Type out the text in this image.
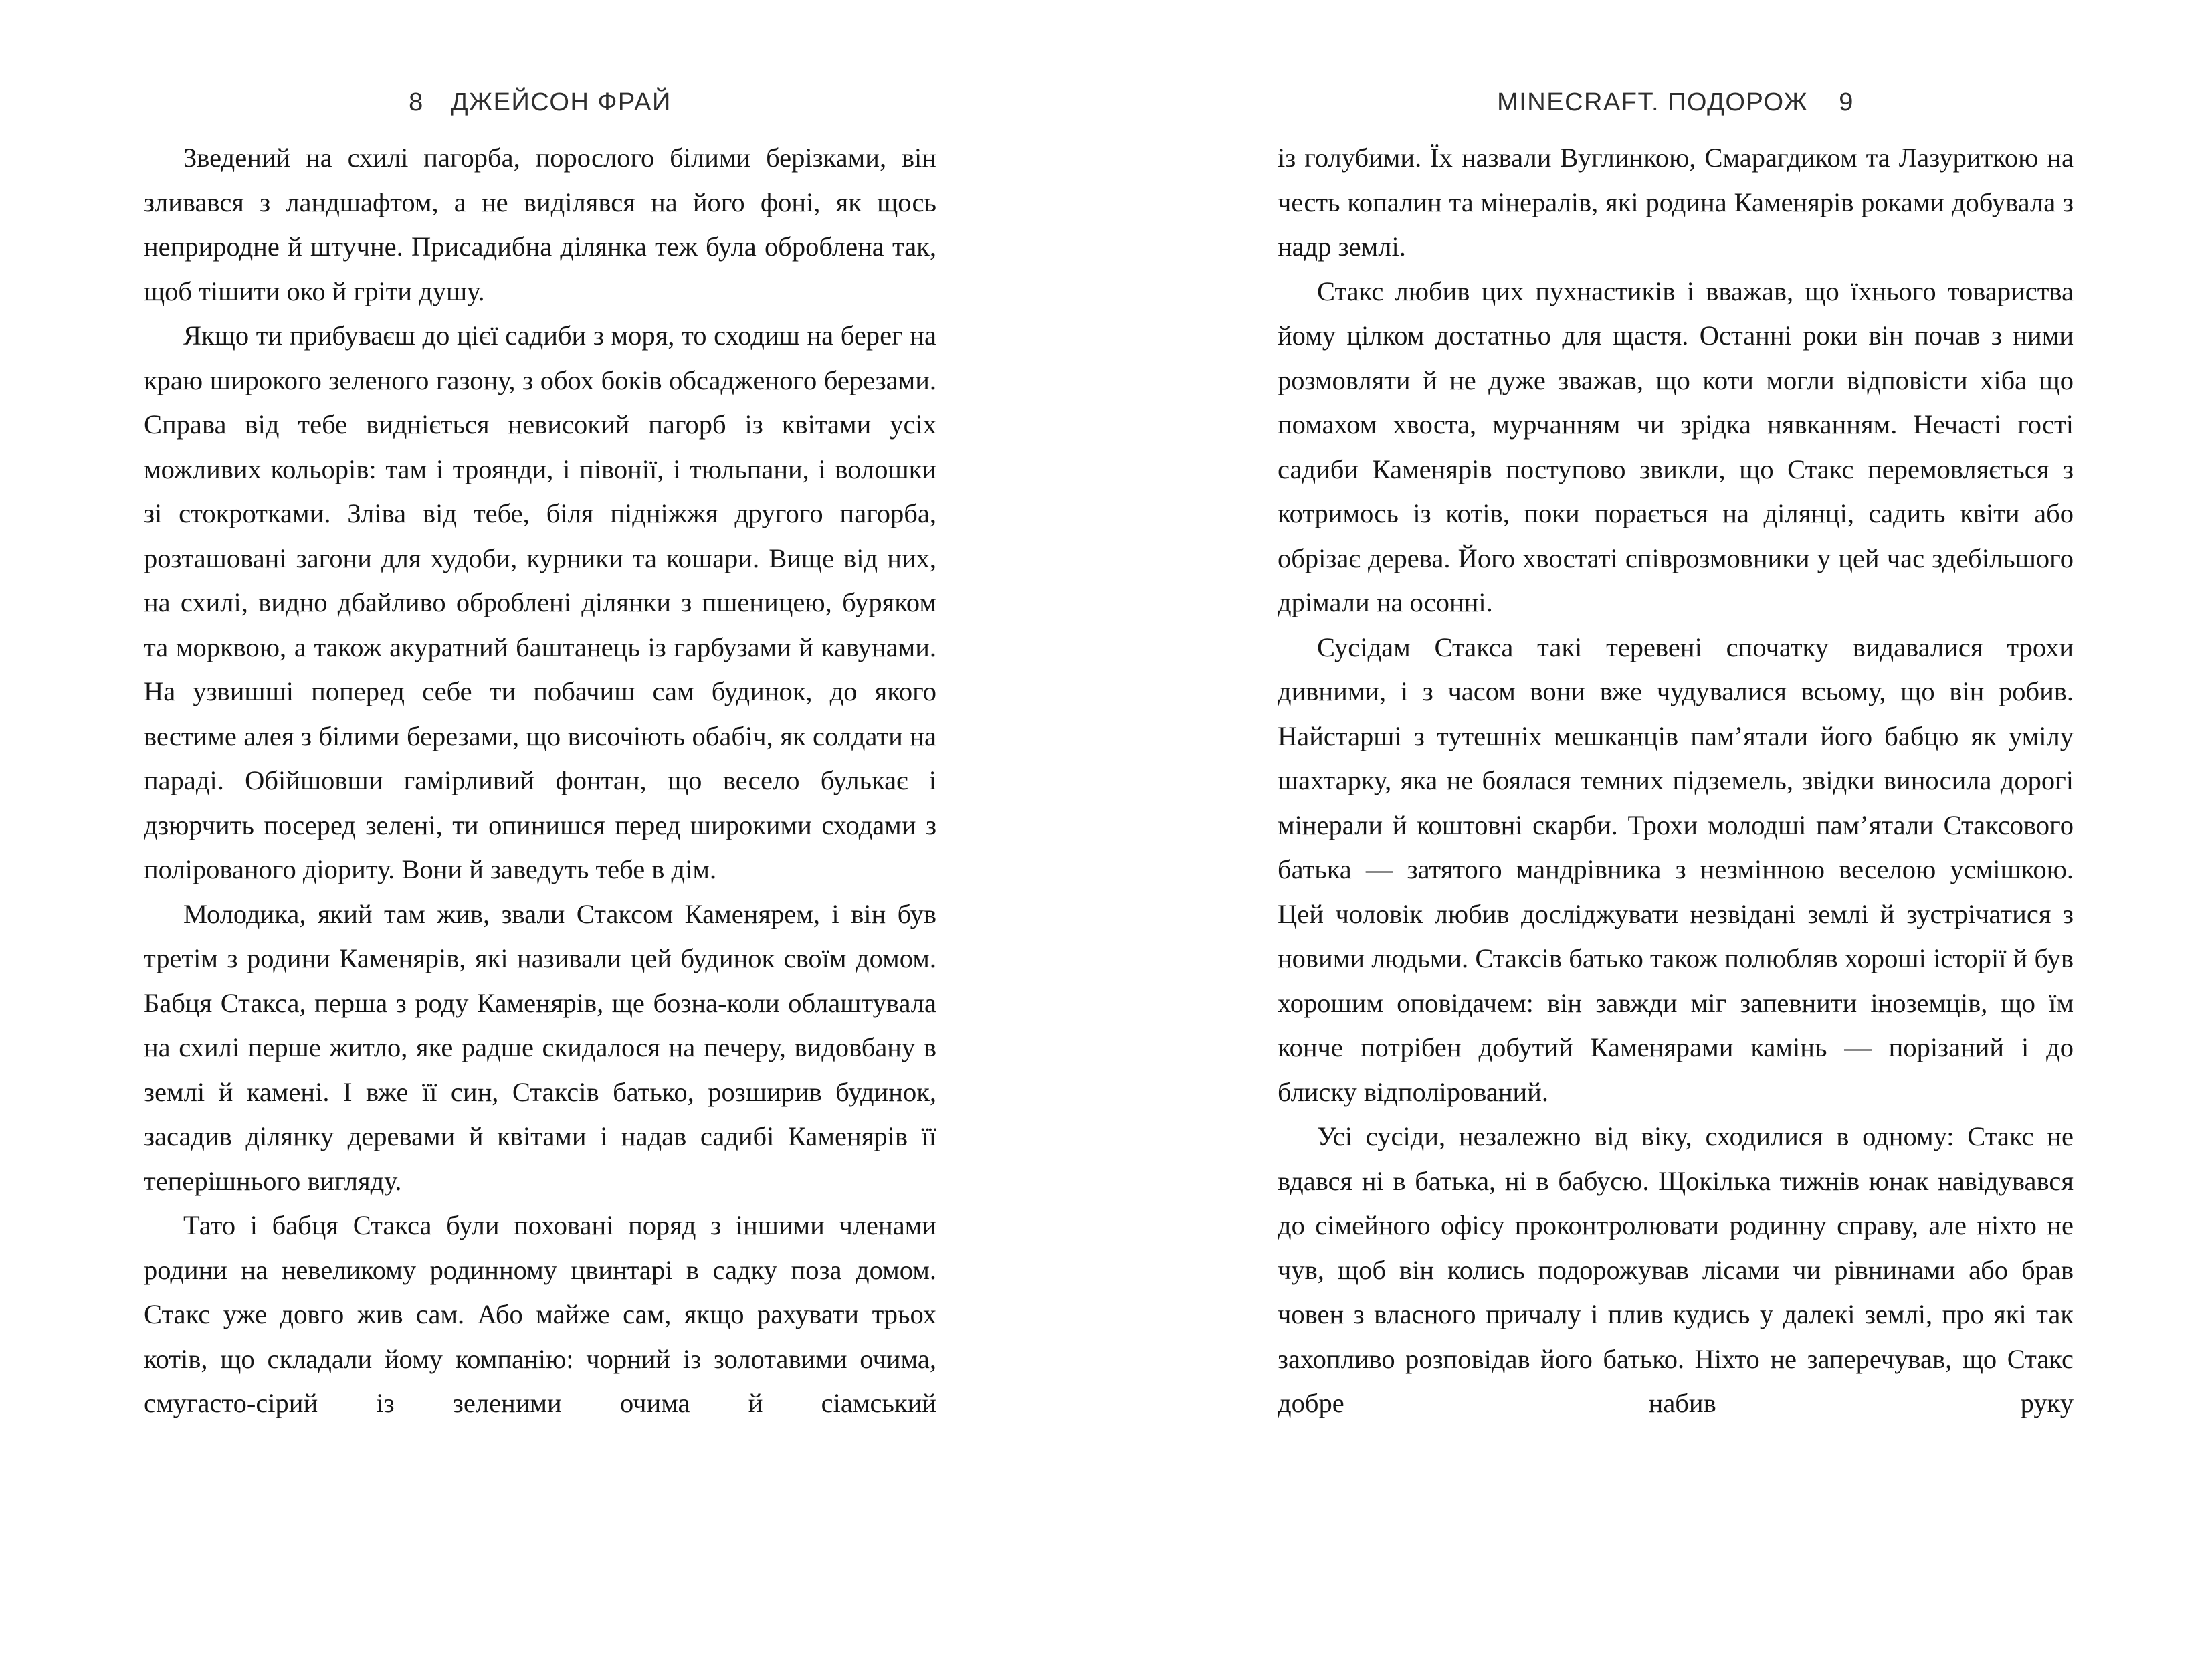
8 ДЖЕЙСОН ФРАЙ

Зведений на схилі пагорба, порослого білими берізками, він зливався з ландшафтом, а не виділявся на його фоні, як щось неприродне й штучне. Присадибна ділянка теж була оброблена так, щоб тішити око й гріти душу.

Якщо ти прибуваєш до цієї садиби з моря, то сходиш на берег на краю широкого зеленого газону, з обох боків обсадженого березами. Справа від тебе видніється невисокий пагорб із квітами усіх можливих кольорів: там і троянди, і півонії, і тюльпани, і волошки зі стокротками. Зліва від тебе, біля підніжжя другого пагорба, розташовані загони для худоби, курники та кошари. Вище від них, на схилі, видно дбайливо оброблені ділянки з пшеницею, буряком та морквою, а також акуратний баштанець із гарбузами й кавунами. На узвишші поперед себе ти побачиш сам будинок, до якого вестиме алея з білими березами, що височіють обабіч, як солдати на параді. Обійшовши гамірливий фонтан, що весело булькає і дзюрчить посеред зелені, ти опинишся перед широкими сходами з полірованого діориту. Вони й заведуть тебе в дім.

Молодика, який там жив, звали Стаксом Каменярем, і він був третім з родини Каменярів, які називали цей будинок своїм домом. Бабця Стакса, перша з роду Каменярів, ще бозна-коли облаштувала на схилі перше житло, яке радше скидалося на печеру, видовбану в землі й камені. І вже її син, Стаксів батько, розширив будинок, засадив ділянку деревами й квітами і надав садибі Каменярів її теперішнього вигляду.

Тато і бабця Стакса були поховані поряд з іншими членами родини на невеликому родинному цвинтарі в садку поза домом. Стакс уже довго жив сам. Або майже сам, якщо рахувати трьох котів, що складали йому компанію: чорний із золотавими очима, смугасто-сірий із зеленими очима й сіамський

MINECRAFT. ПОДОРОЖ 9

із голубими. Їх назвали Вуглинкою, Смарагдиком та Лазуриткою на честь копалин та мінералів, які родина Каменярів роками добувала з надр землі.

Стакс любив цих пухнастиків і вважав, що їхнього товариства йому цілком достатньо для щастя. Останні роки він почав з ними розмовляти й не дуже зважав, що коти могли відповісти хіба що помахом хвоста, мурчанням чи зрідка нявканням. Нечасті гості садиби Каменярів поступово звикли, що Стакс перемовляється з котримось із котів, поки порається на ділянці, садить квіти або обрізає дерева. Його хвостаті співрозмовники у цей час здебільшого дрімали на осонні.

Сусідам Стакса такі теревені спочатку видавалися трохи дивними, і з часом вони вже чудувалися всьому, що він робив. Найстарші з тутешніх мешканців пам’ятали його бабцю як умілу шахтарку, яка не боялася темних підземель, звідки виносила дорогі мінерали й коштовні скарби. Трохи молодші пам’ятали Стаксового батька — затятого мандрівника з незмінною веселою усмішкою. Цей чоловік любив досліджувати незвідані землі й зустрічатися з новими людьми. Стаксів батько також полюбляв хороші історії й був хорошим оповідачем: він завжди міг запевнити іноземців, що їм конче потрібен добутий Каменярами камінь — порізаний і до блиску відполірований.

Усі сусіди, незалежно від віку, сходилися в одному: Стакс не вдався ні в батька, ні в бабусю. Щокілька тижнів юнак навідувався до сімейного офісу проконтролювати родинну справу, але ніхто не чув, щоб він колись подорожував лісами чи рівнинами або брав човен з власного причалу і плив кудись у далекі землі, про які так захопливо розповідав його батько. Ніхто не заперечував, що Стакс добре набив руку
